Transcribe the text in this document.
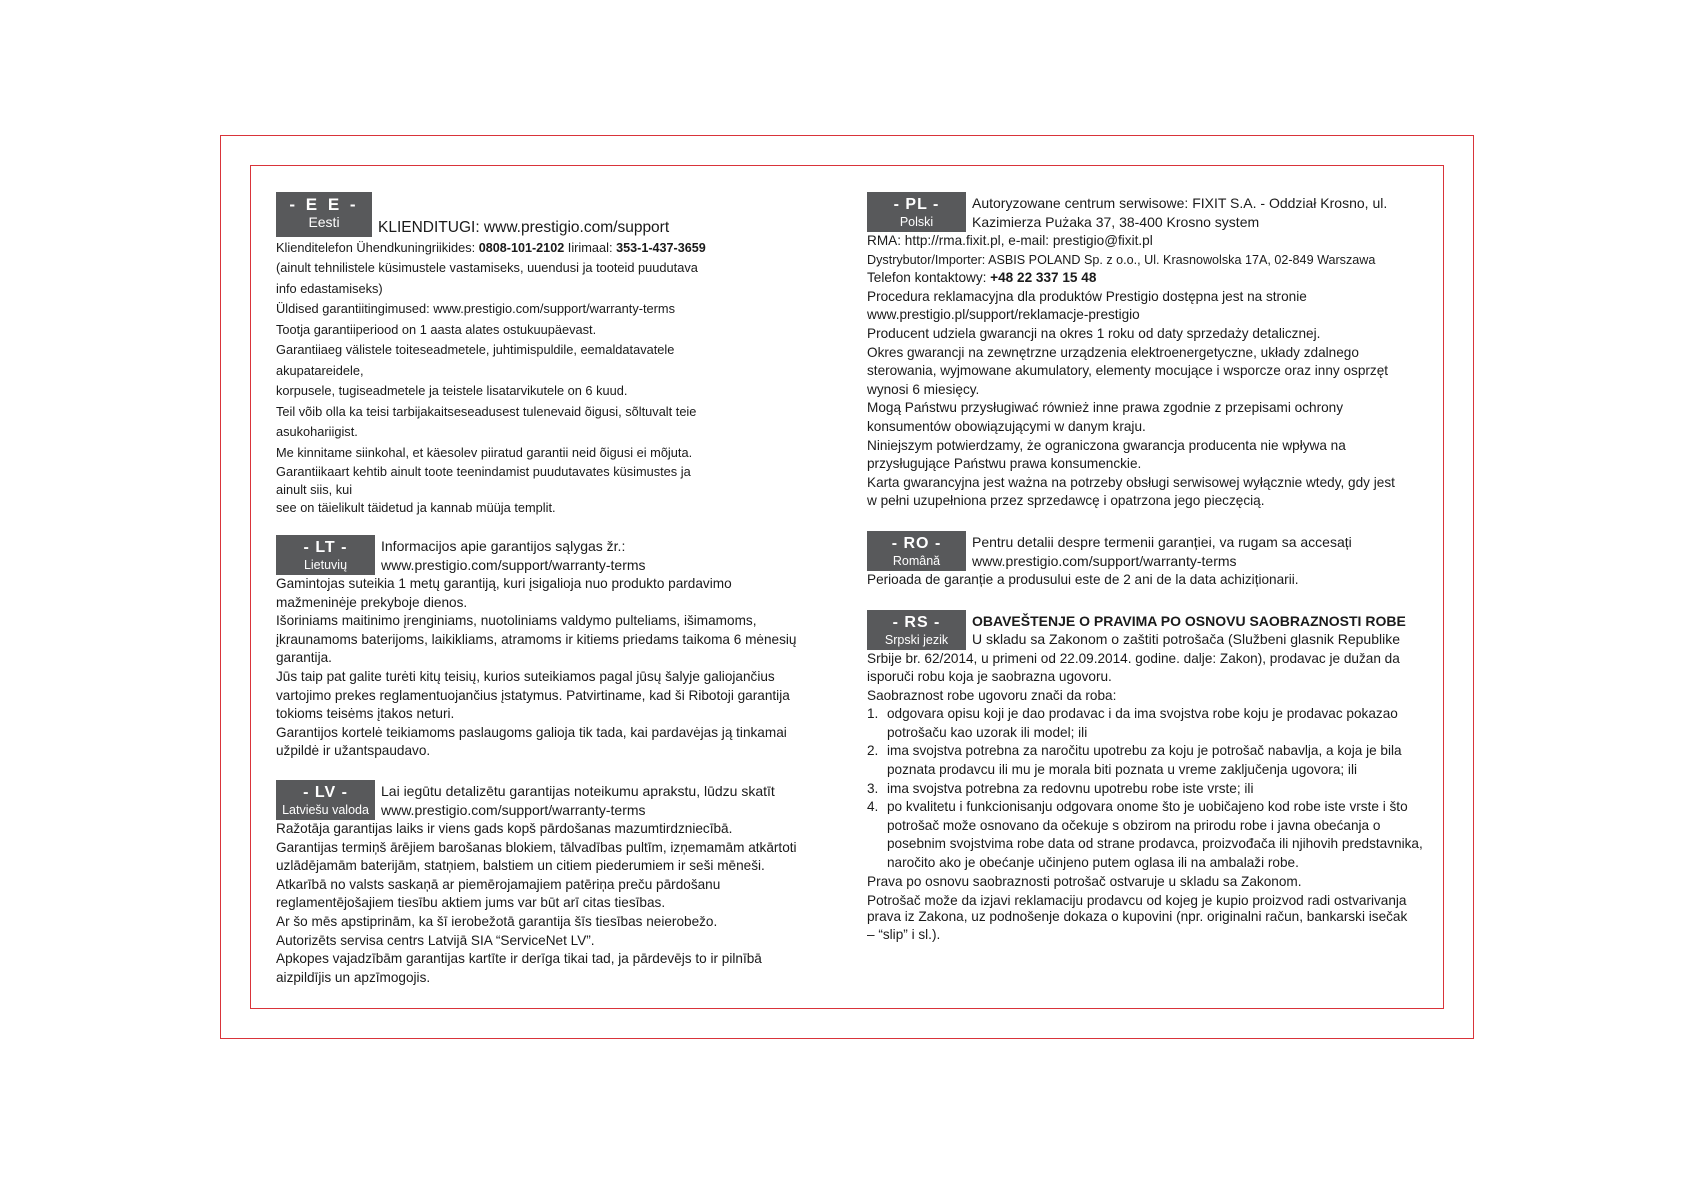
- E E -
Eesti	KLIENDITUGI: www.prestigio.com/support
Klienditelefon Ühendkuningriikides: 0808-101-2102 Iirimaal: 353-1-437-3659
(ainult tehnilistele küsimustele vastamiseks, uuendusi ja tooteid puudutava
info edastamiseks)
Üldised garantiitingimused: www.prestigio.com/support/warranty-terms
Tootja garantiiperiood on 1 aasta alates ostukuupäevast.
Garantiiaeg välistele toiteseadmetele, juhtimispuldile, eemaldatavatele
akupatareidele,
korpusele, tugiseadmetele ja teistele lisatarvikutele on 6 kuud.
Teil võib olla ka teisi tarbijakaitseseadusest tulenevaid õigusi, sõltuvalt teie
asukohariigist.
Me kinnitame siinkohal, et käesolev piiratud garantii neid õigusi ei mõjuta.
Garantiikaart kehtib ainult toote teenindamist puudutavates küsimustes ja
ainult siis, kui
see on täielikult täidetud ja kannab müüja templit.
- LT -
Lietuvių
Informacijos apie garantijos sąlygas žr.:
www.prestigio.com/support/warranty-terms
Gamintojas suteikia 1 metų garantiją, kuri įsigalioja nuo produkto pardavimo
mažmeninėje prekyboje dienos.
Išoriniams maitinimo įrenginiams, nuotoliniams valdymo pulteliams, išimamoms,
įkraunamoms baterijoms, laikikliams, atramoms ir kitiems priedams taikoma 6 mėnesių
garantija.
Jūs taip pat galite turėti kitų teisių, kurios suteikiamos pagal jūsų šalyje galiojančius
vartojimo prekes reglamentuojančius įstatymus. Patvirtiname, kad ši Ribotoji garantija
tokioms teisėms įtakos neturi.
Garantijos kortelė teikiamoms paslaugoms galioja tik tada, kai pardavėjas ją tinkamai
užpildė ir užantspaudavo.
- LV -
Latviešu valoda
Lai iegūtu detalizētu garantijas noteikumu aprakstu, lūdzu skatīt
www.prestigio.com/support/warranty-terms
Ražotāja garantijas laiks ir viens gads kopš pārdošanas mazumtirdzniecībā.
Garantijas termiņš ārējiem barošanas blokiem, tālvadības pultīm, izņemamām atkārtoti
uzlādējamām baterijām, statņiem, balstiem un citiem piederumiem ir seši mēneši.
Atkarībā no valsts saskaņā ar piemērojamajiem patēriņa preču pārdošanu
reglamentējošajiem tiesību aktiem jums var būt arī citas tiesības.
Ar šo mēs apstiprinām, ka šī ierobežotā garantija šīs tiesības neierobežo.
Autorizēts servisa centrs Latvijā SIA “ServiceNet LV”.
Apkopes vajadzībām garantijas kartīte ir derīga tikai tad, ja pārdevējs to ir pilnībā
aizpildījis un apzīmogojis.
- PL -
Polski
Autoryzowane centrum serwisowe: FIXIT S.A. - Oddział Krosno, ul.
Kazimierza Pużaka 37, 38-400 Krosno system
RMA: http://rma.fixit.pl, e-mail: prestigio@fixit.pl
Dystrybutor/Importer: ASBIS POLAND Sp. z o.o., Ul. Krasnowolska 17A, 02-849 Warszawa
Telefon kontaktowy: +48 22 337 15 48
Procedura reklamacyjna dla produktów Prestigio dostępna jest na stronie
www.prestigio.pl/support/reklamacje-prestigio
Producent udziela gwarancji na okres 1 roku od daty sprzedaży detalicznej.
Okres gwarancji na zewnętrzne urządzenia elektroenergetyczne, układy zdalnego
sterowania, wyjmowane akumulatory, elementy mocujące i wsporcze oraz inny osprzęt
wynosi 6 miesięcy.
Mogą Państwu przysługiwać również inne prawa zgodnie z przepisami ochrony
konsumentów obowiązującymi w danym kraju.
Niniejszym potwierdzamy, że ograniczona gwarancja producenta nie wpływa na
przysługujące Państwu prawa konsumenckie.
Karta gwarancyjna jest ważna na potrzeby obsługi serwisowej wyłącznie wtedy, gdy jest
w pełni uzupełniona przez sprzedawcę i opatrzona jego pieczęcią.
- RO -
Română
Pentru detalii despre termenii garanției, va rugam sa accesați
www.prestigio.com/support/warranty-terms
Perioada de garanție a produsului este de 2 ani de la data achiziționarii.
- RS -
Srpski jezik
OBAVEŠTENJE O PRAVIMA PO OSNOVU SAOBRAZNOSTI ROBE
U skladu sa Zakonom o zaštiti potrošača (Službeni glasnik Republike
Srbije br. 62/2014, u primeni od 22.09.2014. godine. dalje: Zakon), prodavac je dužan da
isporuči robu koja je saobrazna ugovoru.
Saobraznost robe ugovoru znači da roba:
1. odgovara opisu koji je dao prodavac i da ima svojstva robe koju je prodavac pokazao potrošaču kao uzorak ili model; ili
2. ima svojstva potrebna za naročitu upotrebu za koju je potrošač nabavlja, a koja je bila poznata prodavcu ili mu je morala biti poznata u vreme zaključenja ugovora; ili
3. ima svojstva potrebna za redovnu upotrebu robe iste vrste; ili
4. po kvalitetu i funkcionisanju odgovara onome što je uobičajeno kod robe iste vrste i što potrošač može osnovano da očekuje s obzirom na prirodu robe i javna obećanja o posebnim svojstvima robe data od strane prodavca, proizvođača ili njihovih predstavnika, naročito ako je obećanje učinjeno putem oglasa ili na ambalaži robe.
Prava po osnovu saobraznosti potrošač ostvaruje u skladu sa Zakonom.
Potrošač može da izjavi reklamaciju prodavcu od kojeg je kupio proizvod radi ostvarivanja
prava iz Zakona, uz podnošenje dokaza o kupovini (npr. originalni račun, bankarski isečak
– “slip” i sl.).
